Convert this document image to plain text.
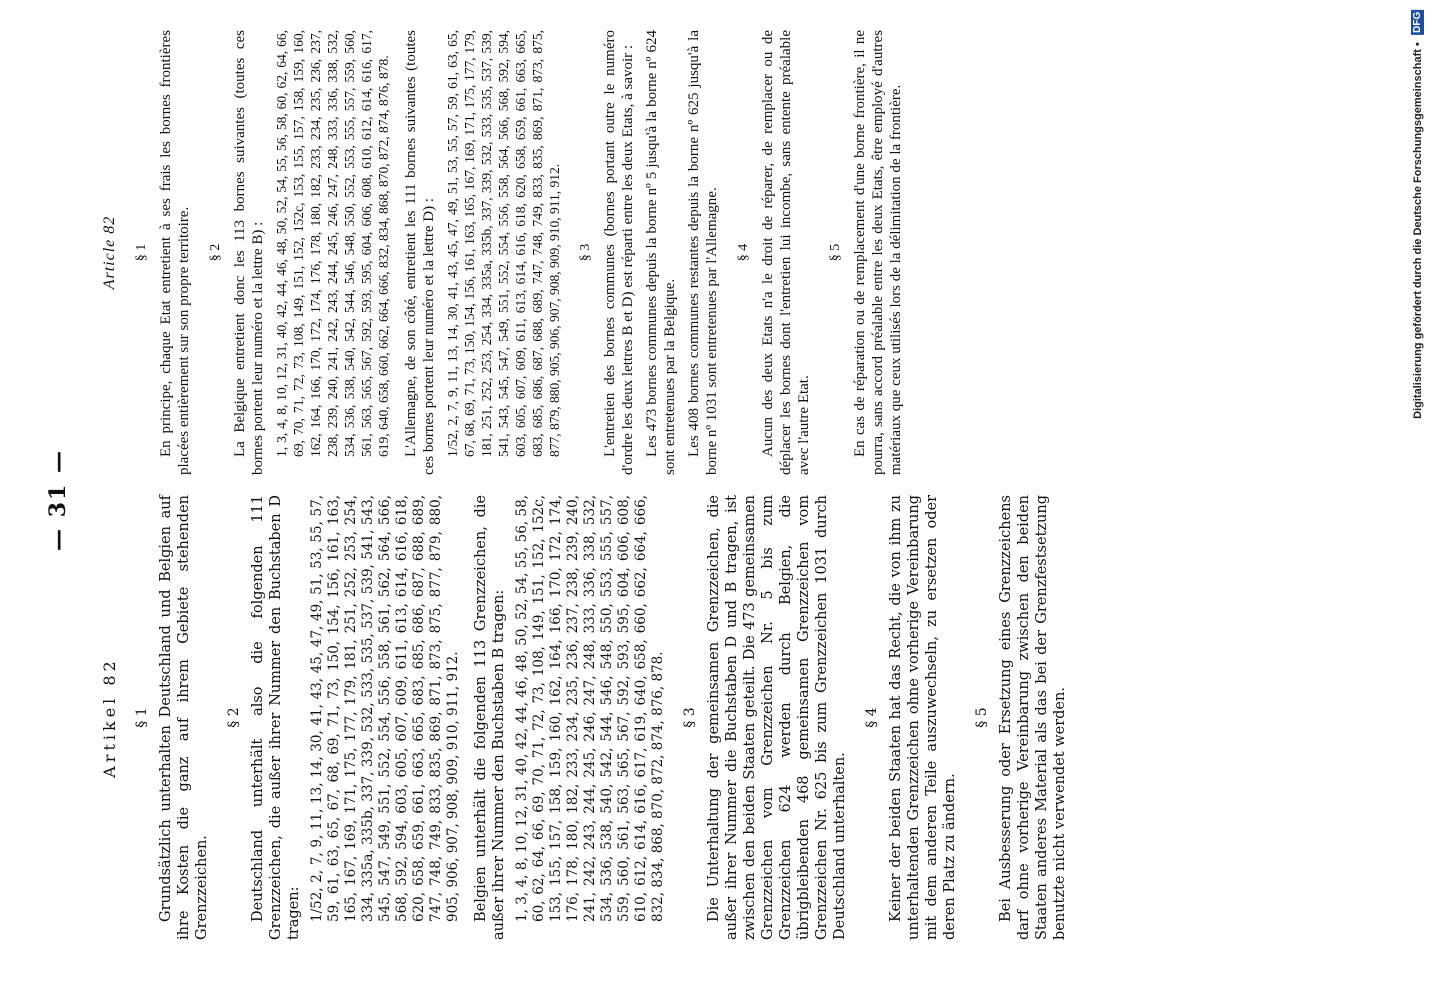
— 31 —
Artikel 82 § 1 Grundsätzlich unterhalten Deutschland und Belgien auf ihre Kosten die ganz auf ihrem Gebiete stehenden Grenzzeichen.

§ 2 Deutschland unterhält also die folgenden 111 Grenzzeichen, die außer ihrer Nummer den Buchstaben D tragen: 1/52, 2, 7, 9, 11, 13, 14, 30, 41, 43, 45, 47, 49, 51, 53, 55, 57, 59, 61, 63, 65, 67, 68, 69, 71, 73, 150, 154, 156, 161, 163, 165, 167, 169, 171, 175, 177, 179, 181, 251, 252, 253, 254, 334, 335a, 335b, 337, 339, 532, 533, 535, 537, 539, 541, 543, 545, 547, 549, 551, 552, 554, 556, 558, 561, 562, 564, 566, 568, 592, 594, 603, 605, 607, 609, 611, 613, 614, 616, 618, 620, 658, 659, 661, 663, 665, 683, 685, 686, 687, 688, 689, 747, 748, 749, 833, 835, 869, 871, 873, 875, 877, 879, 880, 905, 906, 907, 908, 909, 910, 911, 912. Belgien unterhält die folgenden 113 Grenzzeichen, die außer ihrer Nummer den Buchstaben B tragen: 1, 3, 4, 8, 10, 12, 31, 40, 42, 44, 46, 48, 50, 52, 54, 55, 56, 58, 60, 62, 64, 66, 69, 70, 71, 72, 73, 108, 149, 151, 152, 152c, 153, 155, 157, 158, 159, 160, 162, 164, 166, 170, 172, 174, 176, 178, 180, 182, 233, 234, 235, 236, 237, 238, 239, 240, 241, 242, 243, 244, 245, 246, 247, 248, 333, 336, 338, 532, 534, 536, 538, 540, 542, 544, 546, 548, 550, 553, 555, 557, 559, 560, 561, 563, 565, 567, 592, 593, 595, 604, 606, 608, 610, 612, 614, 616, 617, 619, 640, 658, 660, 662, 664, 666, 832, 834, 868, 870, 872, 874, 876, 878. § 3 Die Unterhaltung der gemeinsamen Grenzzeichen, die außer ihrer Nummer die Buchstaben D und B tragen, ist zwischen den beiden Staaten geteilt. Die 473 gemeinsamen Grenzzeichen vom Grenzzeichen Nr. 5 bis zum Grenzzeichen 624 werden durch Belgien, die übrigbleibenden 468 gemeinsamen Grenzzeichen vom Grenzzeichen Nr. 625 bis zum Grenzzeichen 1031 durch Deutschland unterhalten.

§ 4 Keiner der beiden Staaten hat das Recht, die von ihm zu unterhaltenden Grenzzeichen ohne vorherige Vereinbarung mit dem anderen Teile auszuwechseln, zu ersetzen oder deren Platz zu ändern.

§ 5 Bei Ausbesserung oder Ersetzung eines Grenzzeichens darf ohne vorherige Vereinbarung zwischen den beiden Staaten anderes Material als das bei der Grenzfestsetzung benutzte nicht verwendet werden.

Article 82 § 1 En principe, chaque Etat entretient à ses frais les bornes frontières placées entièrement sur son propre territoire. § 2 La Belgique entretient donc les 113 bornes suivantes (toutes ces bornes portent leur numéro et la lettre B) : 1, 3, 4, 8, 10, 12, 31, 40, 42, 44, 46, 48, 50, 52, 54, 55, 56, 58, 60, 62, 64, 66, 69, 70, 71, 72, 73, 108, 149, 151, 152, 152c, 153, 155, 157, 158, 159, 160, 162, 164, 166, 170, 172, 174, 176, 178, 180, 182, 233, 234, 235, 236, 237, 238, 239, 240, 241, 242, 243, 244, 245, 246, 247, 248, 333, 336, 338, 532, 534, 536, 538, 540, 542, 544, 546, 548, 550, 552, 553, 555, 557, 559, 560, 561, 563, 565, 567, 592, 593, 595, 604, 606, 608, 610, 612, 614, 616, 617, 619, 640, 658, 660, 662, 664, 666, 832, 834, 868, 870, 872, 874, 876, 878. L'Allemagne, de son côté, entretient les 111 bornes suivantes (toutes ces bornes portent leur numéro et la lettre D) : 1/52, 2, 7, 9, 11, 13, 14, 30, 41, 43, 45, 47, 49, 51, 53, 55, 57, 59, 61, 63, 65, 67, 68, 69, 71, 73, 150, 154, 156, 161, 163, 165, 167, 169, 171, 175, 177, 179, 181, 251, 252, 253, 254, 334, 335a, 335b, 337, 339, 532, 533, 535, 537, 539, 541, 543, 545, 547, 549, 551, 552, 554, 556, 558, 564, 566, 568, 592, 594, 603, 605, 607, 609, 611, 613, 614, 616, 618, 620, 658, 659, 661, 663, 665, 683, 685, 686, 687, 688, 689, 747, 748, 749, 833, 835, 869, 871, 873, 875, 877, 879, 880, 905, 906, 907, 908, 909, 910, 911, 912. § 3 L'entretien des bornes communes (bornes portant outre le numéro d'ordre les deux lettres B et D) est réparti entre les deux Etats, à savoir : Les 473 bornes communes depuis la borne nº 5 jusqu'à la borne nº 624 sont entretenues par la Belgique. Les 408 bornes communes restantes depuis la borne nº 625 jusqu'à la borne nº 1031 sont entretenues par l'Allemagne. § 4 Aucun des deux Etats n'a le droit de réparer, de remplacer ou de déplacer les bornes dont l'entretien lui incombe, sans entente préalable avec l'autre Etat.

§ 5 En cas de réparation ou de remplacement d'une borne frontière, il ne pourra, sans accord préalable entre les deux Etats, être employé d'autres matériaux que ceux utilisés lors de la délimitation de la frontière.	Digitalisierung gefördert durch die Deutsche Forschungsgemeinschaft • DFG
